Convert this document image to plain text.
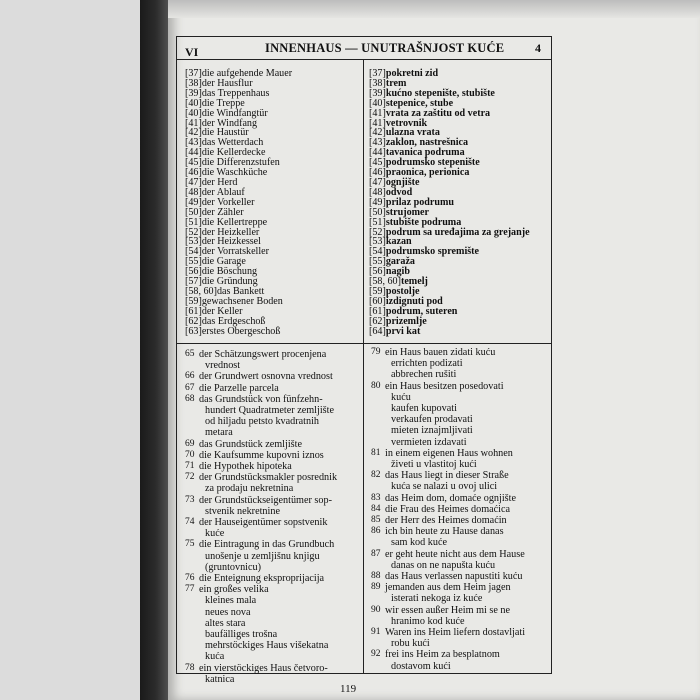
VI	INNENHAUS — UNUTRAŠNJOST KUĆE	4
[37]die aufgehende Mauer
[38]der Hausflur
[39]das Treppenhaus
[40]die Treppe
[40]die Windfangtür
[41]der Windfang
[42]die Haustür
[43]das Wetterdach
[44]die Kellerdecke
[45]die Differenzstufen
[46]die Waschküche
[47]der Herd
[48]der Ablauf
[49]der Vorkeller
[50]der Zähler
[51]die Kellertreppe
[52]der Heizkeller
[53]der Heizkessel
[54]der Vorratskeller
[55]die Garage
[56]die Böschung
[57]die Gründung
[58, 60]das Bankett
[59]gewachsener Boden
[61]der Keller
[62]das Erdgeschoß
[63]erstes Obergeschoß
[37]pokretni zid
[38]trem
[39]kućno stepenište, stubište
[40]stepenice, stube
[41]vrata za zaštitu od vetra
[41]vetrovnik
[42]ulazna vrata
[43]zaklon, nastrešnica
[44]tavanica podruma
[45]podrumsko stepenište
[46]praonica, perionica
[47]ognjište
[48]odvod
[49]prilaz podrumu
[50]strujomer
[51]stubište podruma
[52]podrum sa uređajima za grejanje
[53]kazan
[54]podrumsko spremište
[55]garaža
[56]nagib
[58, 60]temelj
[59]postolje
[60]izdignuti pod
[61]podrum, suteren
[62]prizemlje
[64]prvi kat
65 der Schätzungswert procenjena
vrednost
66 der Grundwert osnovna vrednost
67 die Parzelle parcela
68 das Grundstück von fünfzehn-
hundert Quadratmeter zemljište
od hiljadu petsto kvadratnih
metara
69 das Grundstück zemljište
70 die Kaufsumme kupovni iznos
71 die Hypothek hipoteka
72 der Grundstücksmakler posrednik
za prodaju nekretnina
73 der Grundstückseigentümer sop-
stvenik nekretnine
74 der Hauseigentümer sopstvenik
kuće
75 die Eintragung in das Grundbuch
unošenje u zemljišnu knjigu
(gruntovnicu)
76 die Enteignung eksproprijacija
77 ein großes velika
kleines mala
neues nova
altes stara
baufälliges trošna
mehrstöckiges Haus višekatna
kuća
78 ein vierstöckiges Haus četvoro-
katnica
79 ein Haus bauen zidati kuću
errichten podizati
abbrechen rušiti
80 ein Haus besitzen posedovati
kuću
kaufen kupovati
verkaufen prodavati
mieten iznajmljivati
vermieten izdavati
81 in einem eigenen Haus wohnen
živeti u vlastitoj kući
82 das Haus liegt in dieser Straße
kuća se nalazi u ovoj ulici
83 das Heim dom, domaće ognjište
84 die Frau des Heimes domaćica
85 der Herr des Heimes domaćin
86 ich bin heute zu Hause danas
sam kod kuće
87 er geht heute nicht aus dem Hause
danas on ne napušta kuću
88 das Haus verlassen napustiti kuću
89 jemanden aus dem Heim jagen
isterati nekoga iz kuće
90 wir essen außer Heim mi se ne
hranimo kod kuće
91 Waren ins Heim liefern dostavljati
robu kući
92 frei ins Heim za besplatnom
dostavom kući
119
